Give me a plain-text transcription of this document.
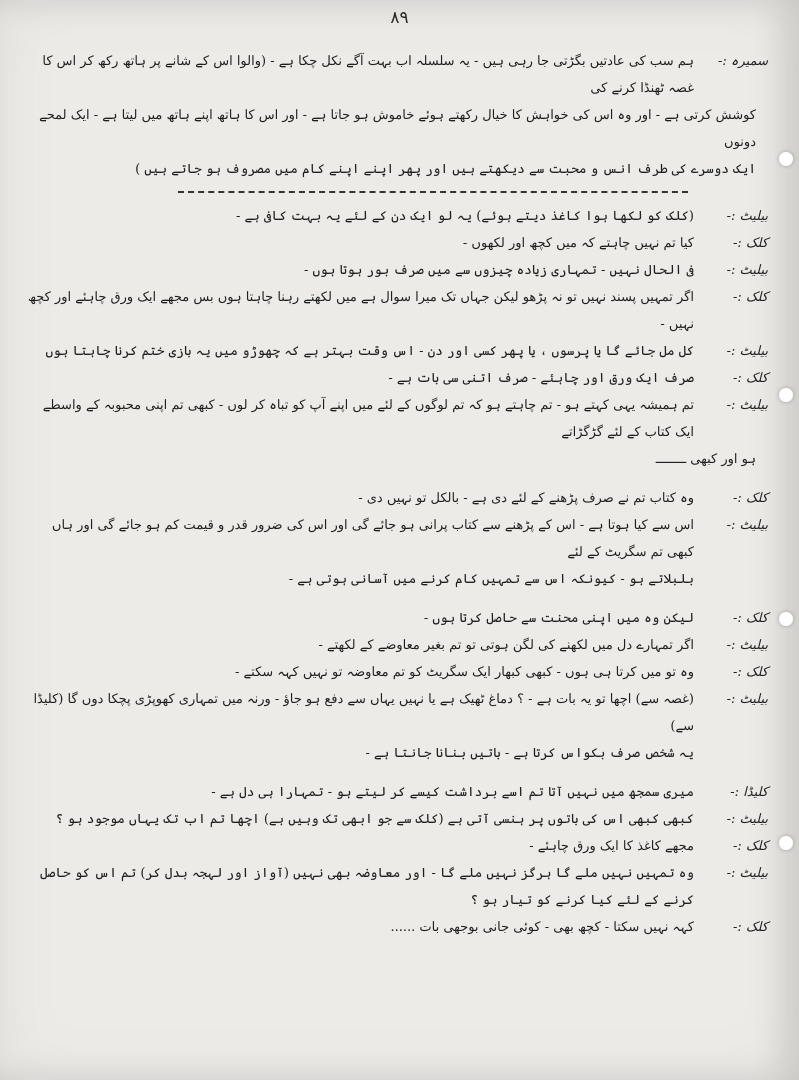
۸۹
سمیرہ :-
ہم سب کی عادتیں بگڑتی جا رہی ہیں - یہ سلسلہ اب بہت آگے نکل چکا ہے - (والوا اس کے شانے پر ہاتھ رکھ کر اس کا غصہ ٹھنڈا کرنے کی
کوشش کرتی ہے - اور وہ اس کی خواہش کا خیال رکھتے ہوئے خاموش ہو جاتا ہے - اور اس کا ہاتھ اپنے ہاتھ میں لیتا ہے - ایک لمحے دونوں
ایک دوسرے کی طرف انس و محبت سے دیکھتے ہیں اور پھر اپنے اپنے کام میں مصروف ہو جاتے ہیں )
بیلیٹ :-
(کلک کو لکھا ہوا کاغذ دیتے ہوئے) یہ لو ایک دن کے لئے یہ بہت کافی ہے -
کلک :-
کیا تم نہیں چاہتے کہ میں کچھ اور لکھوں -
بیلیٹ :-
فی الحال نہیں - تمہاری زیادہ چیزوں سے میں صرف بور ہوتا ہوں -
کلک :-
اگر تمہیں پسند نہیں تو نہ پڑھو لیکن جہاں تک میرا سوال ہے میں لکھتے رہنا چاہتا ہوں بس مجھے ایک ورق چاہئے اور کچھ نہیں -
بیلیٹ :-
کل مل جائے گا یا پرسوں ، یا پھر کسی اور دن - اس وقت بہتر ہے کہ چھوڑو میں یہ بازی ختم کرنا چاہتا ہوں
کلک :-
صرف ایک ورق اور چاہئے - صرف اتنی سی بات ہے -
بیلیٹ :-
تم ہمیشہ یہی کہتے ہو - تم چاہتے ہو کہ تم لوگوں کے لئے میں اپنے آپ کو تباہ کر لوں - کبھی تم اپنی محبوبہ کے واسطے ایک کتاب کے لئے گڑگڑاتے
ہو اور کبھی ــــــــ
کلک :-
وہ کتاب تم نے صرف پڑھنے کے لئے دی ہے - بالکل تو نہیں دی -
بیلیٹ :-
اس سے کیا ہوتا ہے - اس کے پڑھنے سے کتاب پرانی ہو جائے گی اور اس کی ضرور قدر و قیمت کم ہو جائے گی اور ہاں کبھی تم سگریٹ کے لئے
بلبلاتے ہو - کیونکہ اس سے تمہیں کام کرنے میں آسانی ہوتی ہے -
کلک :-
لیکن وہ میں اپنی محنت سے حاصل کرتا ہوں -
بیلیٹ :-
اگر تمہارے دل میں لکھنے کی لگن ہوتی تو تم بغیر معاوضے کے لکھتے -
کلک :-
وہ تو میں کرتا ہی ہوں - کبھی کبھار ایک سگریٹ کو تم معاوضہ تو نہیں کہہ سکتے -
بیلیٹ :-
(غصہ سے) اچھا تو یہ بات ہے - ؟ دماغ ٹھیک ہے یا نہیں یہاں سے دفع ہو جاؤ - ورنہ میں تمہاری کھوپڑی پچکا دوں گا (کلیڈا سے)
یہ شخص صرف بکواس کرتا ہے - باتیں بنانا جانتا ہے -
کلیڈا :-
میری سمجھ میں نہیں آتا تم اسے برداشت کیسے کر لیتے ہو - تمہارا ہی دل ہے -
بیلیٹ :-
کبھی کبھی اس کی باتوں پر ہنسی آتی ہے (کلک سے جو ابھی تک وہیں ہے) اچھا تم اب تک یہاں موجود ہو ؟
کلک :-
مجھے کاغذ کا ایک ورق چاہئے -
بیلیٹ :-
وہ تمہیں نہیں ملے گا ہرگز نہیں ملے گا - اور معاوضہ بھی نہیں (آواز اور لہجہ بدل کر) تم اس کو حاصل کرنے کے لئے کیا کرنے کو تیار ہو ؟
کلک :-
کہہ نہیں سکتا - کچھ بھی - کوئی جانی بوجھی بات ......
